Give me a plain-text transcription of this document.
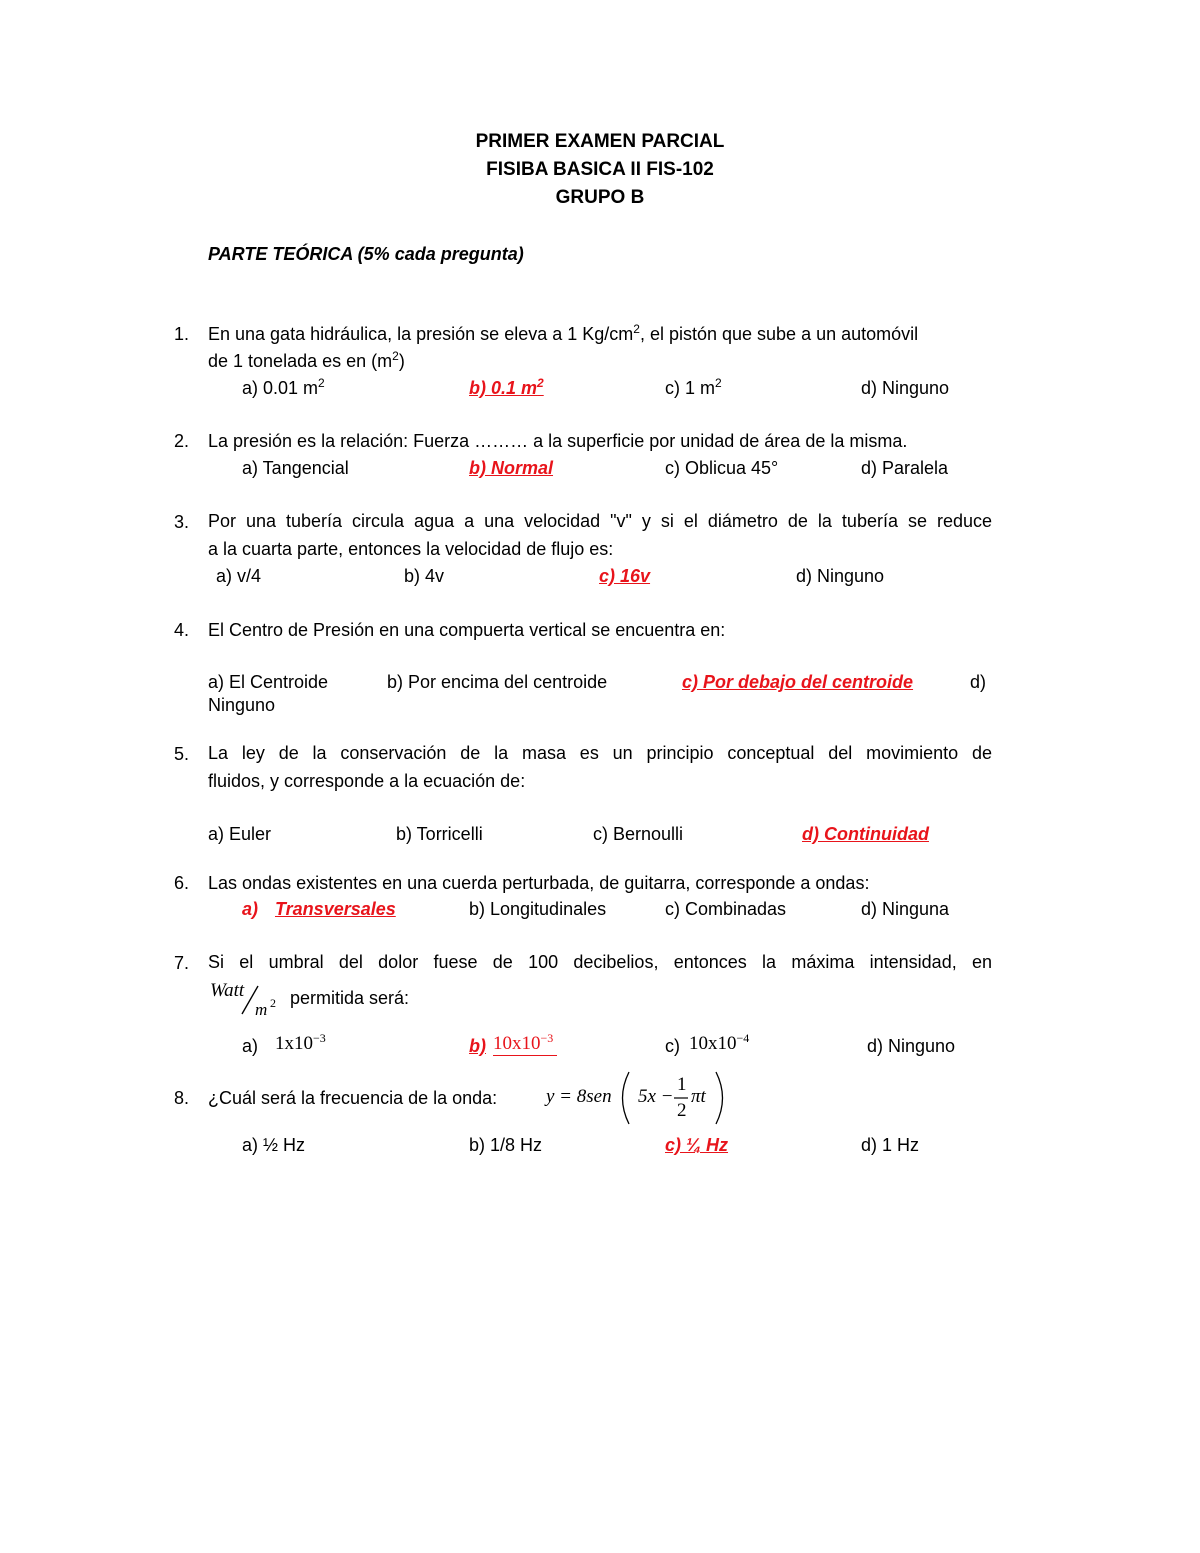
PRIMER EXAMEN PARCIAL
FISIBA BASICA II FIS-102
GRUPO B
PARTE TEÓRICA (5% cada pregunta)
1. En una gata hidráulica, la presión se eleva a 1 $Kg/cm^2$, el pistón que sube a un automóvil
de 1 tonelada es en $(m^2)$
a) 0.01 $m^2$	b) 0.1 $m^2$	c) 1 $m^2$	d) Ninguno
2. La presión es la relación: Fuerza ……… a la superficie por unidad de área de la misma.
a) Tangencial	b) Normal	c) Oblicua 45°	d) Paralela
3. Por una tubería circula agua a una velocidad "v" y si el diámetro de la tubería se reduce
a la cuarta parte, entonces la velocidad de flujo es:
a) v/4	b) 4v	c) 16v	d) Ninguno
4. El Centro de Presión en una compuerta vertical se encuentra en:
a) El Centroide	b) Por encima del centroide	c) Por debajo del centroide	d)
Ninguno
5. La ley de la conservación de la masa es un principio conceptual del movimiento de
fluidos, y corresponde a la ecuación de:
a) Euler	b) Torricelli	c) Bernoulli	d) Continuidad
6. Las ondas existentes en una cuerda perturbada, de guitarra, corresponde a ondas:
a) Transversales	b) Longitudinales	c) Combinadas	d) Ninguna
7. Si el umbral del dolor fuese de 100 decibelios, entonces la máxima intensidad, en
Watt
m 2 permitida será:
a) $1x10^{-3}$	b) $10x10^{-3}$	c) $10x10^{-4}$	d) Ninguno
8. ¿Cuál será la frecuencia de la onda:	y = 8sen 5x −
1
2
πt
a) ½ Hz	b) 1/8 Hz	c) ¼ Hz	d) 1 Hz
